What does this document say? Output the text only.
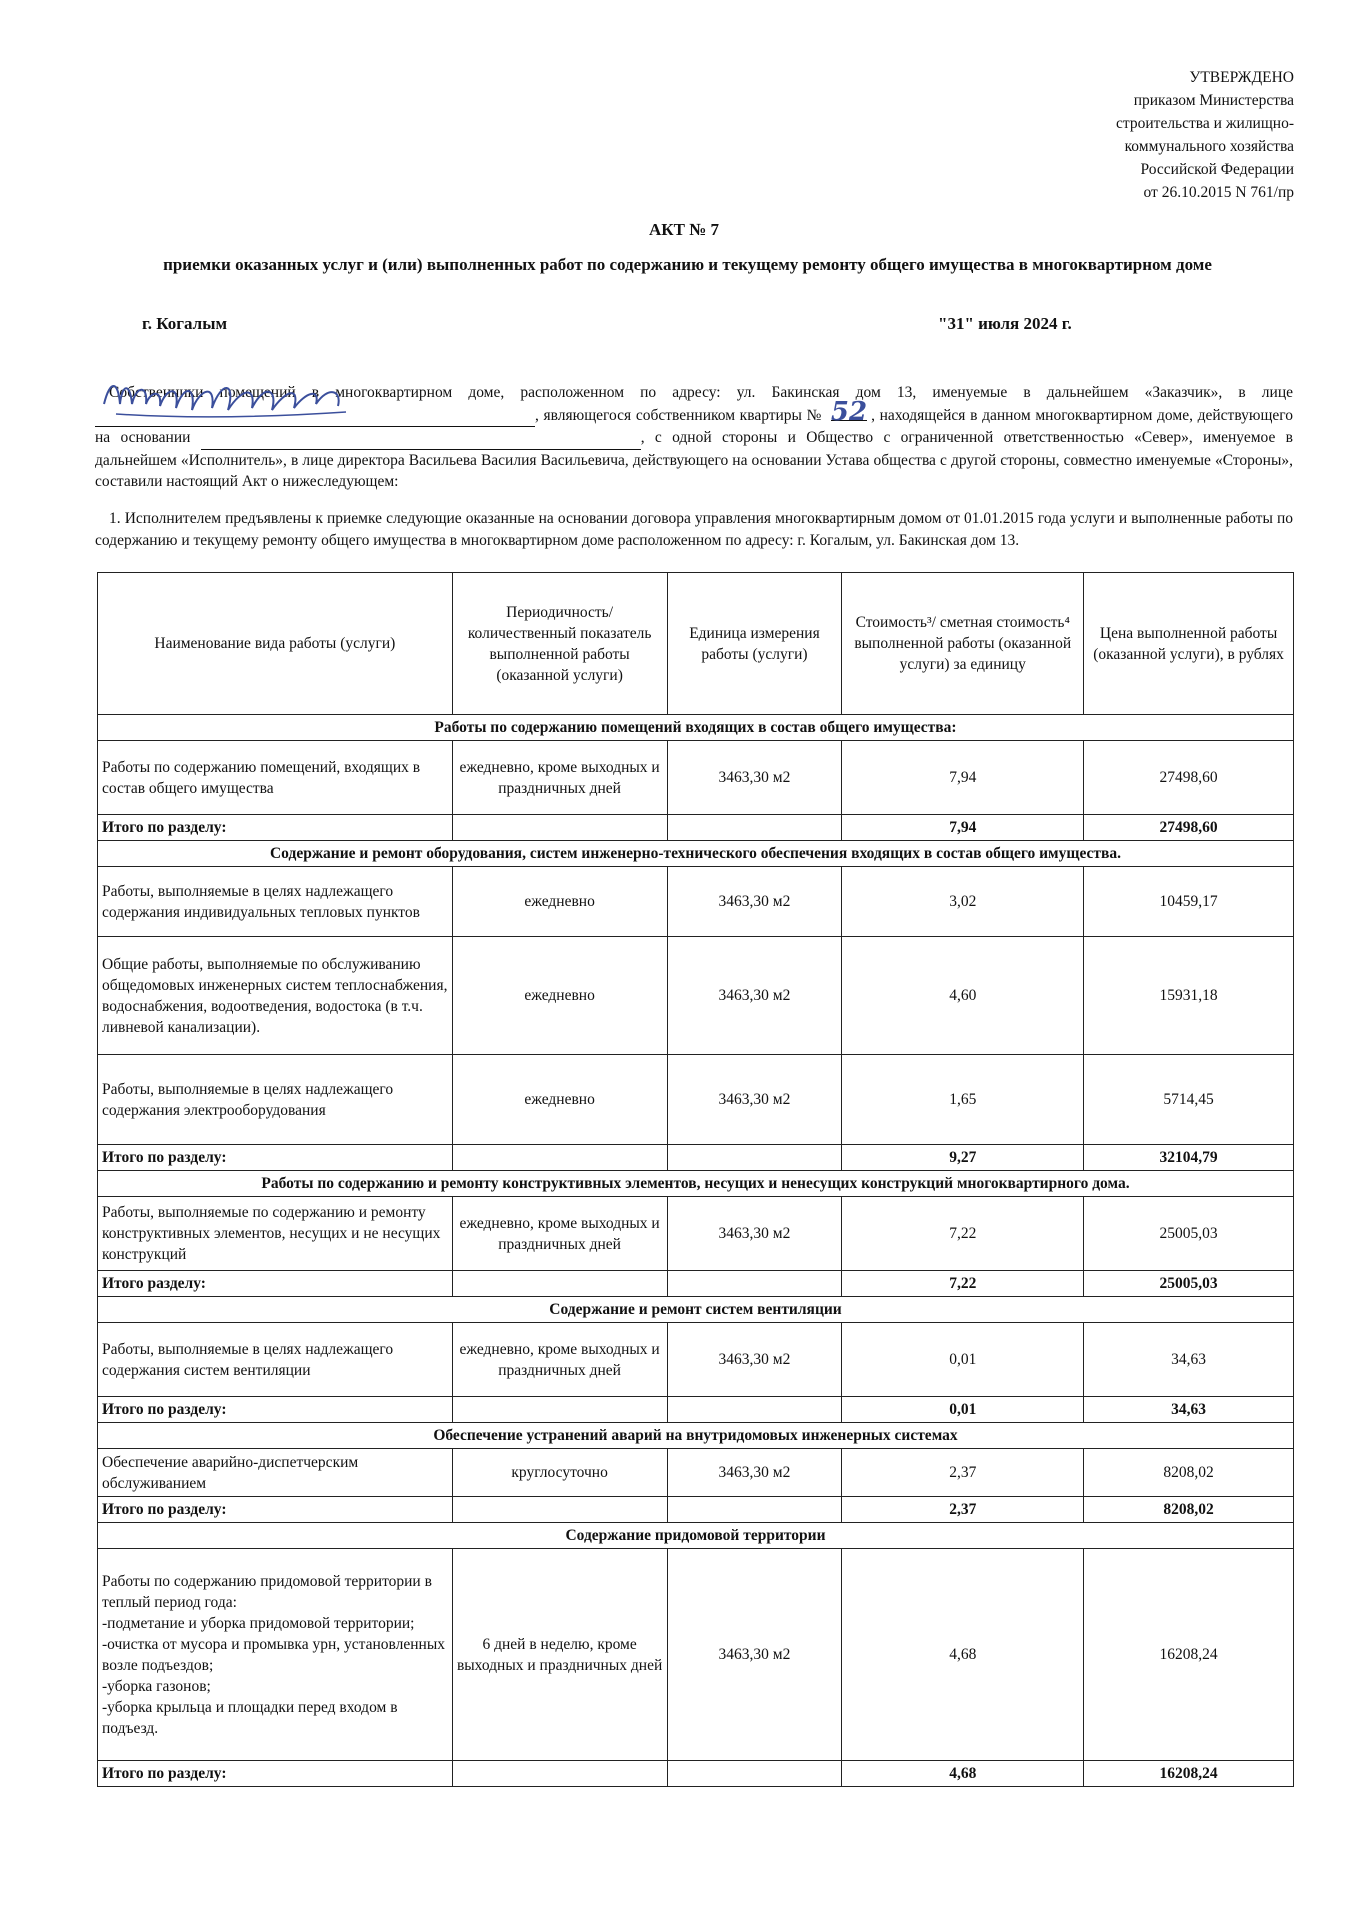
УТВЕРЖДЕНО
приказом Министерства
строительства и жилищно-
коммунального хозяйства
Российской Федерации
от 26.10.2015 N 761/пр
АКТ № 7
приемки оказанных услуг и (или) выполненных работ по содержанию и текущему ремонту общего имущества в многоквартирном доме
г. Когалым	"31" июля 2024 г.
Собственники помещений в многоквартирном доме, расположенном по адресу: ул. Бакинская дом 13, именуемые в дальнейшем «Заказчик», в лице  , являющегося собственником квартиры № 52 , находящейся в данном многоквартирном доме, действующего на основании	, с одной стороны и Общество с ограниченной ответственностью «Север», именуемое в дальнейшем «Исполнитель», в лице директора Васильева Василия Васильевича, действующего на основании Устава общества с другой стороны, совместно именуемые «Стороны», составили настоящий Акт о нижеследующем:
1. Исполнителем предъявлены к приемке следующие оказанные на основании договора управления многоквартирным домом от 01.01.2015 года услуги и выполненные работы по содержанию и текущему ремонту общего имущества в многоквартирном доме расположенном по адресу: г. Когалым, ул. Бакинская дом 13.
Наименование вида работы (услуги)	Периодичность/ количественный показатель выполненной работы (оказанной услуги)	Единица измерения работы (услуги)	Стоимость³/ сметная стоимость⁴ выполненной работы (оказанной услуги) за единицу	Цена выполненной работы (оказанной услуги), в рублях
Работы по содержанию помещений входящих в состав общего имущества:				
Работы по содержанию помещений, входящих в состав общего имущества	ежедневно, кроме выходных и праздничных дней	3463,30 м2	7,94	27498,60
Итого по разделу:			7,94	27498,60
Содержание и ремонт оборудования, систем инженерно-технического обеспечения входящих в состав общего имущества.				
Работы, выполняемые в целях надлежащего содержания индивидуальных тепловых пунктов	ежедневно	3463,30 м2	3,02	10459,17
Общие работы, выполняемые по обслуживанию общедомовых инженерных систем теплоснабжения, водоснабжения, водоотведения, водостока (в т.ч. ливневой канализации).	ежедневно	3463,30 м2	4,60	15931,18
Работы, выполняемые в целях надлежащего содержания электрооборудования	ежедневно	3463,30 м2	1,65	5714,45
Итого по разделу:			9,27	32104,79
Работы по содержанию и ремонту конструктивных элементов, несущих и ненесущих конструкций многоквартирного дома.				
Работы, выполняемые по содержанию и ремонту конструктивных элементов, несущих и не несущих конструкций	ежедневно, кроме выходных и праздничных дней	3463,30 м2	7,22	25005,03
Итого разделу:			7,22	25005,03
Содержание и ремонт систем вентиляции				
Работы, выполняемые в целях надлежащего содержания систем вентиляции	ежедневно, кроме выходных и праздничных дней	3463,30 м2	0,01	34,63
Итого по разделу:			0,01	34,63
Обеспечение устранений аварий на внутридомовых инженерных системах				
Обеспечение аварийно-диспетчерским обслуживанием	круглосуточно	3463,30 м2	2,37	8208,02
Итого по разделу:			2,37	8208,02
Содержание придомовой территории				
Работы по содержанию придомовой территории в теплый период года:
-подметание и уборка придомовой территории;
-очистка от мусора и промывка урн, установленных возле подъездов;
-уборка газонов;
-уборка крыльца и площадки перед входом в подъезд.	6 дней в неделю, кроме выходных и праздничных дней	3463,30 м2	4,68	16208,24
Итого по разделу:			4,68	16208,24
